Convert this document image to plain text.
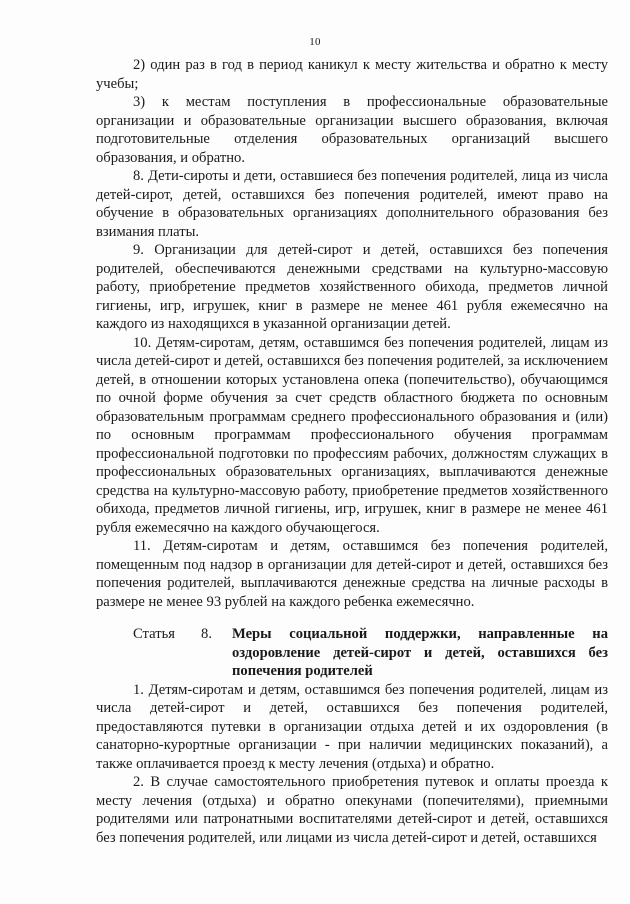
10

2) один раз в год в период каникул к месту жительства и обратно к месту учебы;

3) к местам поступления в профессиональные образовательные организации и образовательные организации высшего образования, включая подготовительные отделения образовательных организаций высшего образования, и обратно.

8. Дети-сироты и дети, оставшиеся без попечения родителей, лица из числа детей-сирот, детей, оставшихся без попечения родителей, имеют право на обучение в образовательных организациях дополнительного образования без взимания платы.

9. Организации для детей-сирот и детей, оставшихся без попечения родителей, обеспечиваются денежными средствами на культурно-массовую работу, приобретение предметов хозяйственного обихода, предметов личной гигиены, игр, игрушек, книг в размере не менее 461 рубля ежемесячно на каждого из находящихся в указанной организации детей.

10. Детям-сиротам, детям, оставшимся без попечения родителей, лицам из числа детей-сирот и детей, оставшихся без попечения родителей, за исключением детей, в отношении которых установлена опека (попечительство), обучающимся по очной форме обучения за счет средств областного бюджета по основным образовательным программам среднего профессионального образования и (или) по основным программам профессионального обучения программам профессиональной подготовки по профессиям рабочих, должностям служащих в профессиональных образовательных организациях, выплачиваются денежные средства на культурно-массовую работу, приобретение предметов хозяйственного обихода, предметов личной гигиены, игр, игрушек, книг в размере не менее 461 рубля ежемесячно на каждого обучающегося.

11. Детям-сиротам и детям, оставшимся без попечения родителей, помещенным под надзор в организации для детей-сирот и детей, оставшихся без попечения родителей, выплачиваются денежные средства на личные расходы в размере не менее 93 рублей на каждого ребенка ежемесячно.

Статья 8. Меры социальной поддержки, направленные на оздоровление детей-сирот и детей, оставшихся без попечения родителей

1. Детям-сиротам и детям, оставшимся без попечения родителей, лицам из числа детей-сирот и детей, оставшихся без попечения родителей, предоставляются путевки в организации отдыха детей и их оздоровления (в санаторно-курортные организации - при наличии медицинских показаний), а также оплачивается проезд к месту лечения (отдыха) и обратно.

2. В случае самостоятельного приобретения путевок и оплаты проезда к месту лечения (отдыха) и обратно опекунами (попечителями), приемными родителями или патронатными воспитателями детей-сирот и детей, оставшихся без попечения родителей, или лицами из числа детей-сирот и детей, оставшихся
